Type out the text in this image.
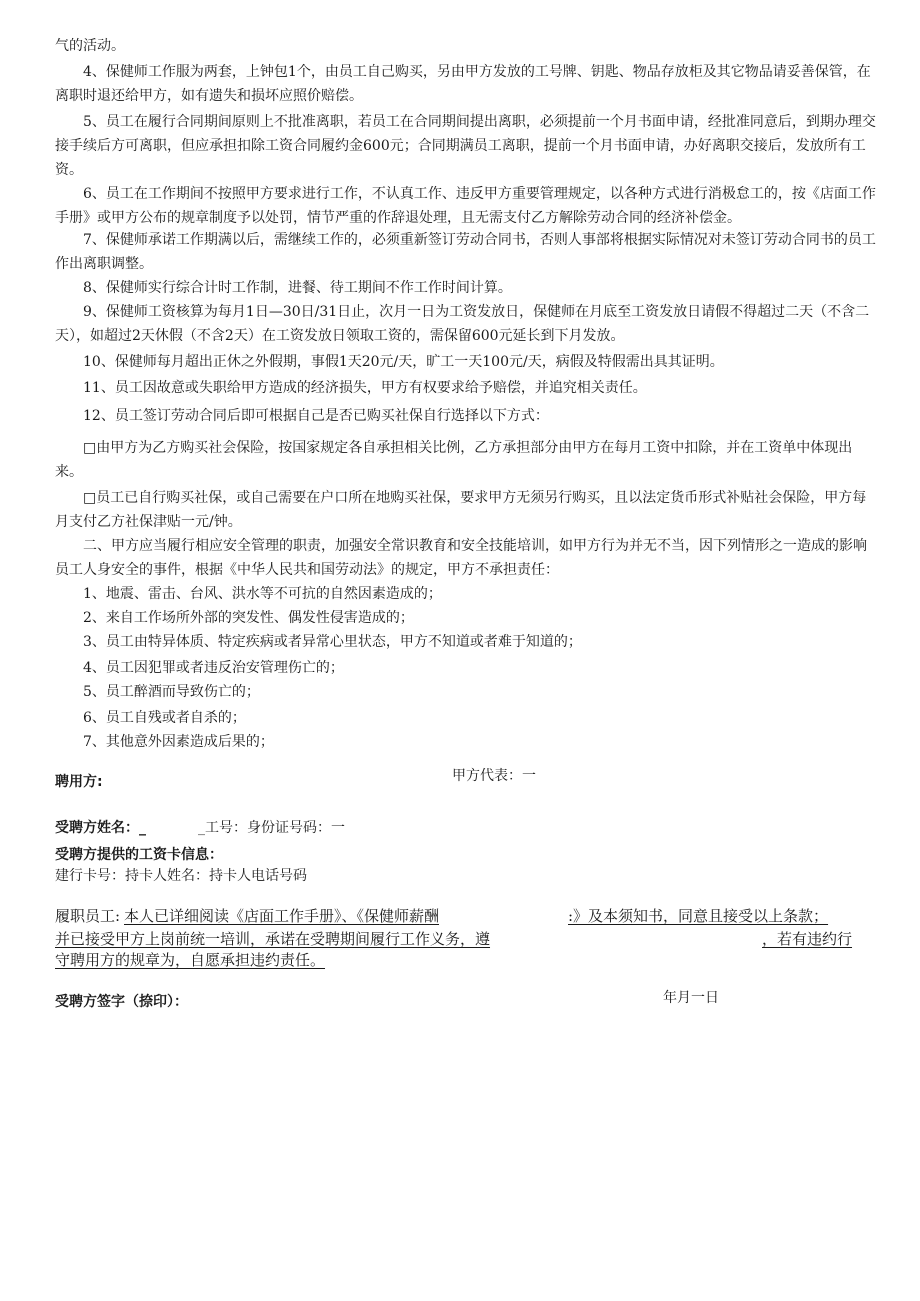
气的活动。

4、保健师工作服为两套，上钟包1个，由员工自己购买，另由甲方发放的工号牌、钥匙、物品存放柜及其它物品请妥善保管，在离职时退还给甲方，如有遗失和损坏应照价赔偿。

5、员工在履行合同期间原则上不批准离职，若员工在合同期间提出离职，必须提前一个月书面申请，经批准同意后，到期办理交接手续后方可离职，但应承担扣除工资合同履约金600元；合同期满员工离职，提前一个月书面申请，办好离职交接后，发放所有工资。

6、员工在工作期间不按照甲方要求进行工作，不认真工作、违反甲方重要管理规定，以各种方式进行消极怠工的，按《店面工作手册》或甲方公布的规章制度予以处罚，情节严重的作辞退处理，且无需支付乙方解除劳动合同的经济补偿金。

7、保健师承诺工作期满以后，需继续工作的，必须重新签订劳动合同书，否则人事部将根据实际情况对未签订劳动合同书的员工作出离职调整。

8、保健师实行综合计时工作制，进餐、待工期间不作工作时间计算。

9、保健师工资核算为每月1日—30日/31日止，次月一日为工资发放日，保健师在月底至工资发放日请假不得超过二天（不含二天），如超过2天休假（不含2天）在工资发放日领取工资的，需保留600元延长到下月发放。

10、保健师每月超出正休之外假期，事假1天20元/天，旷工一天100元/天，病假及特假需出具其证明。

11、员工因故意或失职给甲方造成的经济损失，甲方有权要求给予赔偿，并追究相关责任。

12、员工签订劳动合同后即可根据自己是否已购买社保自行选择以下方式：

□由甲方为乙方购买社会保险，按国家规定各自承担相关比例，乙方承担部分由甲方在每月工资中扣除，并在工资单中体现出来。

□员工已自行购买社保，或自己需要在户口所在地购买社保，要求甲方无须另行购买，且以法定货币形式补贴社会保险，甲方每月支付乙方社保津贴一元/钟。

二、甲方应当履行相应安全管理的职责，加强安全常识教育和安全技能培训，如甲方行为并无不当，因下列情形之一造成的影响员工人身安全的事件，根据《中华人民共和国劳动法》的规定，甲方不承担责任：

1、地震、雷击、台风、洪水等不可抗的自然因素造成的；

2、来自工作场所外部的突发性、偶发性侵害造成的；

3、员工由特异体质、特定疾病或者异常心里状态，甲方不知道或者难于知道的；

4、员工因犯罪或者违反治安管理伤亡的；

5、员工醉酒而导致伤亡的；

6、员工自残或者自杀的；

7、其他意外因素造成后果的；

聘用方:	甲方代表：一

受聘方姓名：_	_工号：身份证号码：一

受聘方提供的工资卡信息：

建行卡号：持卡人姓名：持卡人电话号码

履职员工: 本人已详细阅读《店面工作手册》、《保健师薪酬	:》及本须知书，同意且接受以上条款；

并已接受甲方上岗前统一培训，承诺在受聘期间履行工作义务，遵	，若有违约行

守聘用方的规章为，自愿承担违约责任。

受聘方签字（捺印）：	年月一日
